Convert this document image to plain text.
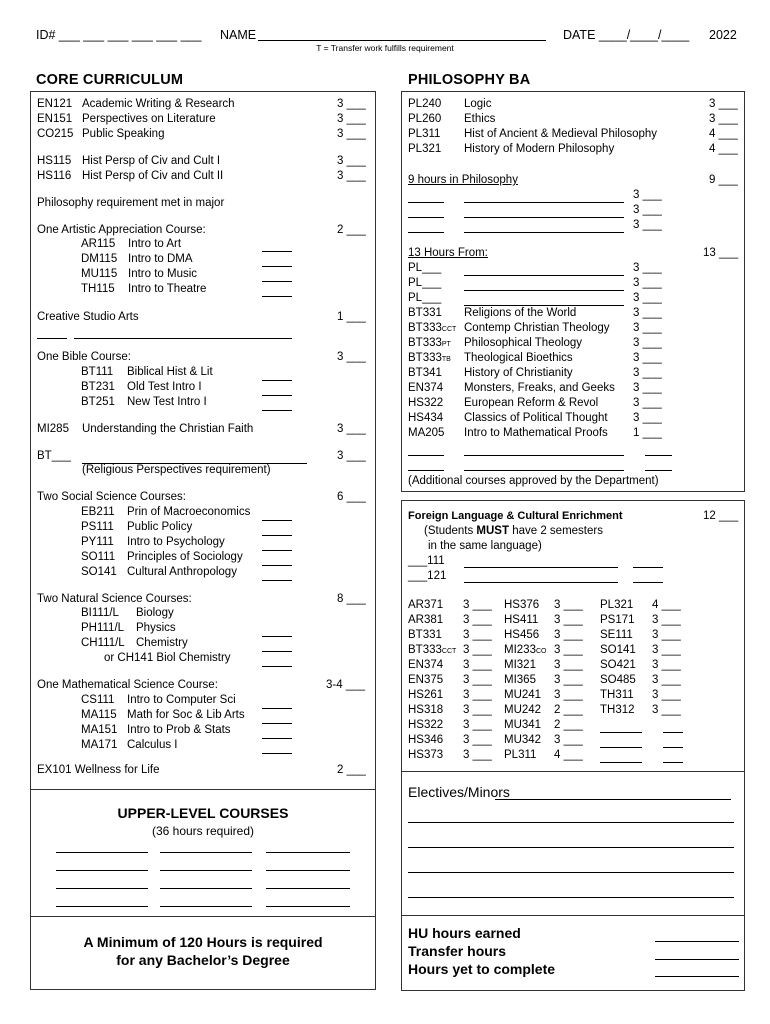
ID# ___ ___ ___ ___ ___ ___ NAME	DATE ____/____/____ 2022
T = Transfer work fulfills requirement
CORE CURRICULUM	PHILOSOPHY BA
EN121 Academic Writing & Research	3 ___
EN151 Perspectives on Literature	3 ___
CO215 Public Speaking	3 ___
HS115 Hist Persp of Civ and Cult I	3 ___
HS116 Hist Persp of Civ and Cult II	3 ___
Philosophy requirement met in major
One Artistic Appreciation Course:	2 ___
AR115 Intro to Art
DM115 Intro to DMA
MU115 Intro to Music
TH115 Intro to Theatre
Creative Studio Arts	1 ___
One Bible Course:	3 ___
BT111 Biblical Hist & Lit
BT231 Old Test Intro I
BT251 New Test Intro I
MI285 Understanding the Christian Faith	3 ___
BT___	3 ___
(Religious Perspectives requirement)
Two Social Science Courses:	6 ___
EB211 Prin of Macroeconomics
PS111 Public Policy
PY111 Intro to Psychology
SO111 Principles of Sociology
SO141 Cultural Anthropology
Two Natural Science Courses:	8 ___
BI111/L Biology
PH111/L Physics
CH111/L Chemistry
or CH141 Biol Chemistry
One Mathematical Science Course:	3-4 ___
CS111 Intro to Computer Sci
MA115 Math for Soc & Lib Arts
MA151 Intro to Prob & Stats
MA171 Calculus I
EX101 Wellness for Life	2 ___
UPPER-LEVEL COURSES
(36 hours required)
A Minimum of 120 Hours is required
for any Bachelor’s Degree
PL240 Logic	3 ___
PL260 Ethics	3 ___
PL311 Hist of Ancient & Medieval Philosophy	4 ___
PL321 History of Modern Philosophy	4 ___
9 hours in Philosophy	9 ___
3 ___
3 ___
3 ___
13 Hours From:	13 ___
PL___	3 ___
PL___	3 ___
PL___	3 ___
BT331 Religions of the World	3 ___
BT333CCT Contemp Christian Theology 3 ___
BT333PT Philosophical Theology	3 ___
BT333TB Theological Bioethics	3 ___
BT341 History of Christianity	3 ___
EN374 Monsters, Freaks, and Geeks 3 ___
HS322 European Reform & Revol	3 ___
HS434 Classics of Political Thought 3 ___
MA205 Intro to Mathematical Proofs 1 ___
(Additional courses approved by the Department)
Foreign Language & Cultural Enrichment	12 ___
(Students MUST have 2 semesters
in the same language)
___111
___121
AR371 3 ___
AR381 3 ___
BT331 3 ___
BT333CCT 3 ___
EN374 3 ___
EN375 3 ___
HS261 3 ___
HS318 3 ___
HS322 3 ___
HS346 3 ___
HS373 3 ___
HS376 3 ___
HS411 3 ___
HS456 3 ___
MI233CO 3 ___
MI321 3 ___
MI365 3 ___
MU241 3 ___
MU242 2 ___
MU341 2 ___
MU342 3 ___
PL311 4 ___
PL321 4 ___
PS171 3 ___
SE111 3 ___
SO141 3 ___
SO421 3 ___
SO485 3 ___
TH311 3 ___
TH312 3 ___
Electives/Minors
HU hours earned
Transfer hours
Hours yet to complete
